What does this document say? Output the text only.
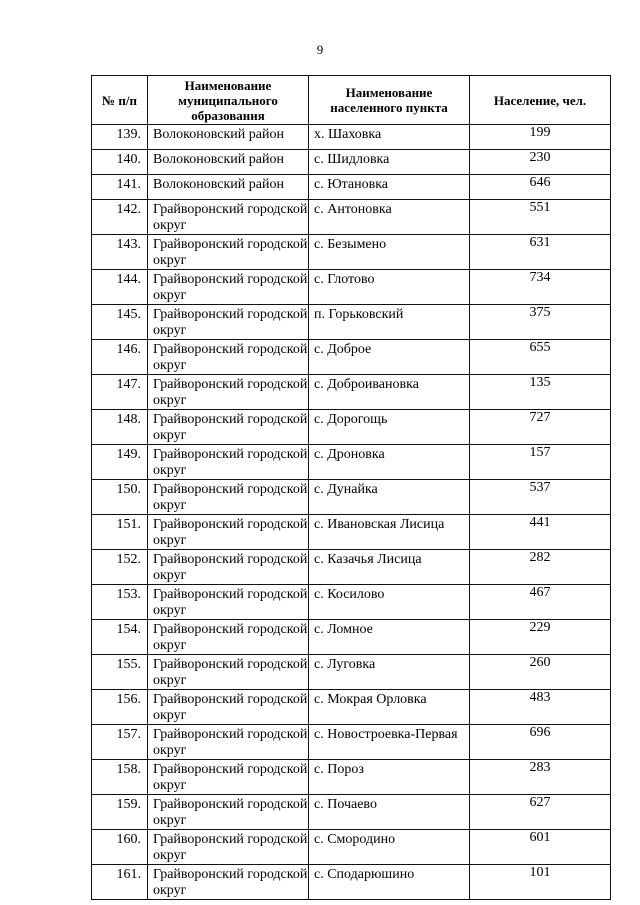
9
№ п/п	Наименование муниципального образования	Наименование населенного пункта	Население, чел.
139.	Волоконовский район	х. Шаховка	199
140.	Волоконовский район	с. Шидловка	230
141.	Волоконовский район	с. Ютановка	646
142.	Грайворонский городской округ	с. Антоновка	551
143.	Грайворонский городской округ	с. Безымено	631
144.	Грайворонский городской округ	с. Глотово	734
145.	Грайворонский городской округ	п. Горьковский	375
146.	Грайворонский городской округ	с. Доброе	655
147.	Грайворонский городской округ	с. Доброивановка	135
148.	Грайворонский городской округ	с. Дорогощь	727
149.	Грайворонский городской округ	с. Дроновка	157
150.	Грайворонский городской округ	с. Дунайка	537
151.	Грайворонский городской округ	с. Ивановская Лисица	441
152.	Грайворонский городской округ	с. Казачья Лисица	282
153.	Грайворонский городской округ	с. Косилово	467
154.	Грайворонский городской округ	с. Ломное	229
155.	Грайворонский городской округ	с. Луговка	260
156.	Грайворонский городской округ	с. Мокрая Орловка	483
157.	Грайворонский городской округ	с. Новостроевка-Первая	696
158.	Грайворонский городской округ	с. Пороз	283
159.	Грайворонский городской округ	с. Почаево	627
160.	Грайворонский городской округ	с. Смородино	601
161.	Грайворонский городской округ	с. Сподарюшино	101
